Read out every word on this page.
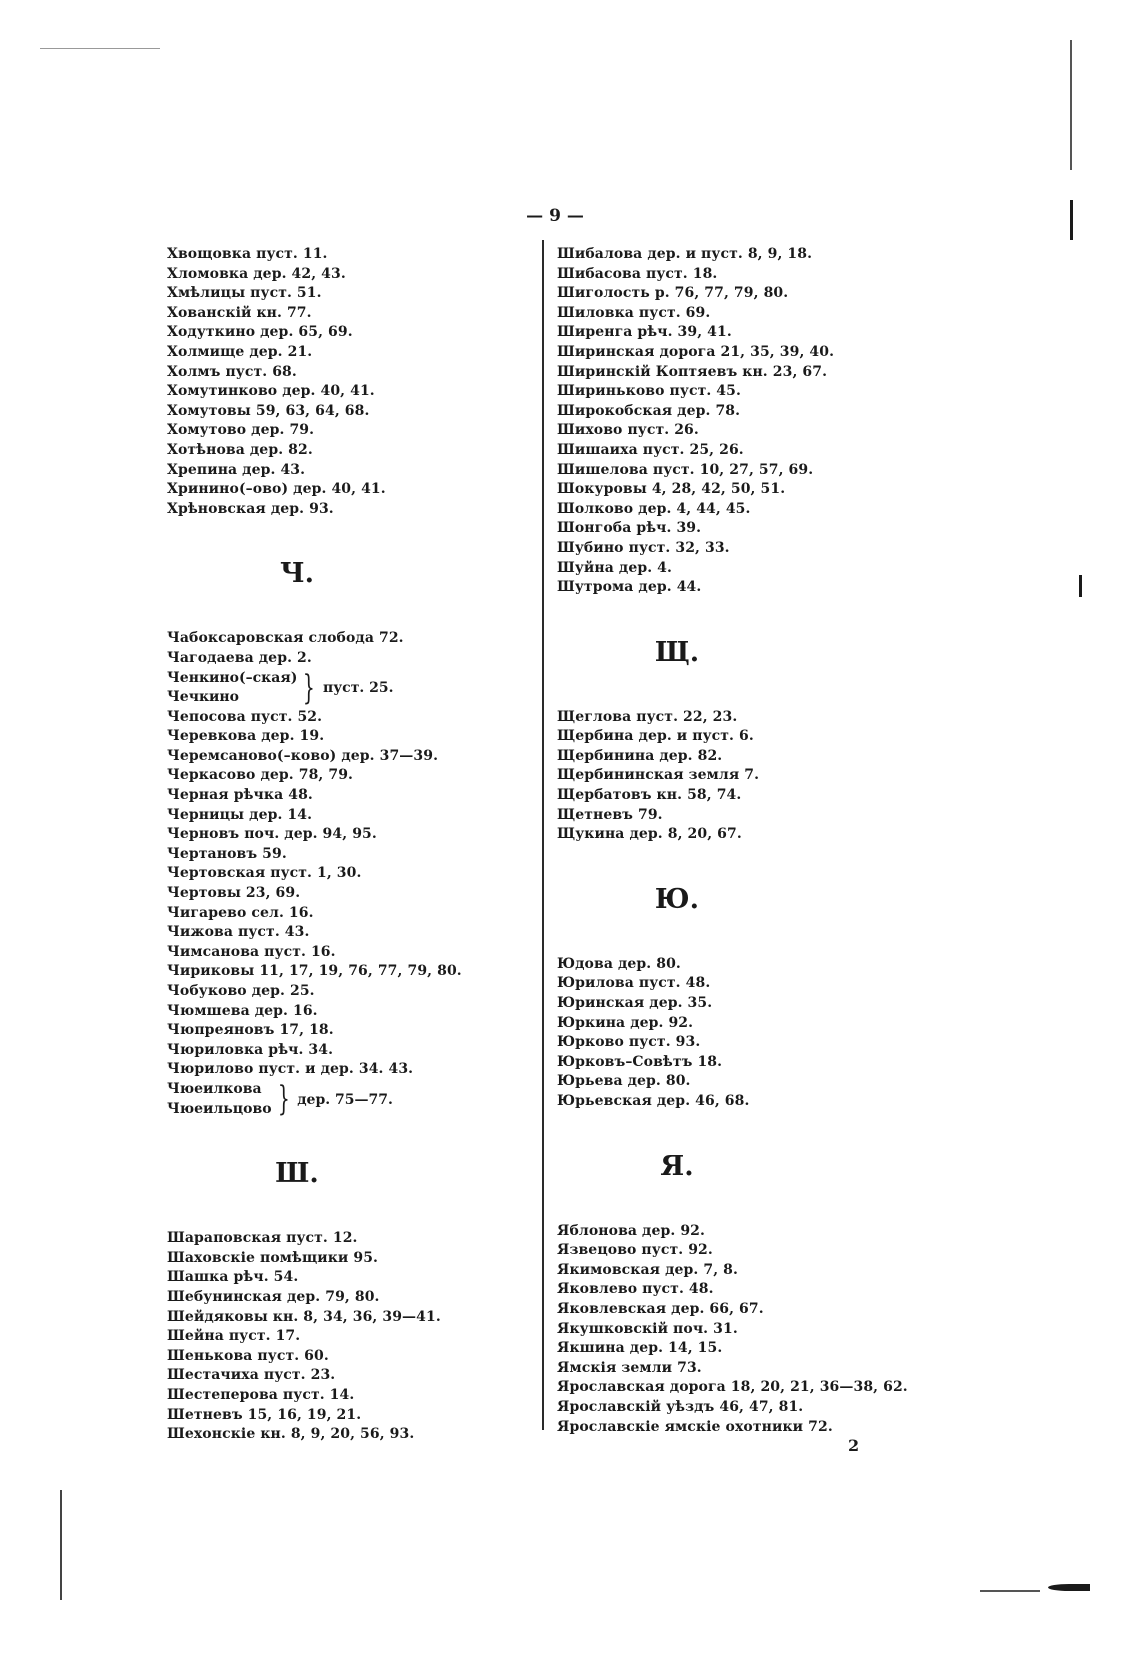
— 9 —
Хвощовка пуст. 11.
Хломовка дер. 42, 43.
Хмѣлицы пуст. 51.
Хованскій кн. 77.
Ходуткино дер. 65, 69.
Холмище дер. 21.
Холмъ пуст. 68.
Хомутинково дер. 40, 41.
Хомутовы 59, 63, 64, 68.
Хомутово дер. 79.
Хотѣнова дер. 82.
Хрепина дер. 43.
Хринино(–ово) дер. 40, 41.
Хрѣновская дер. 93.
Ч.
Чабоксаровская слобода 72.
Чагодаева дер. 2.
Ченкино(–ская)
Чечкино	} пуст. 25.
Чепосова пуст. 52.
Черевкова дер. 19.
Черемсаново(–ково) дер. 37—39.
Черкасово дер. 78, 79.
Черная рѣчка 48.
Черницы дер. 14.
Черновъ поч. дер. 94, 95.
Чертановъ 59.
Чертовская пуст. 1, 30.
Чертовы 23, 69.
Чигарево сел. 16.
Чижова пуст. 43.
Чимсанова пуст. 16.
Чириковы 11, 17, 19, 76, 77, 79, 80.
Чобуково дер. 25.
Чюмшева дер. 16.
Чюпреяновъ 17, 18.
Чюриловка рѣч. 34.
Чюрилово пуст. и дер. 34. 43.
Чюеилкова
Чюеильцово } дер. 75—77.
Ш.
Шараповская пуст. 12.
Шаховскіе помѣщики 95.
Шашка рѣч. 54.
Шебунинская дер. 79, 80.
Шейдяковы кн. 8, 34, 36, 39—41.
Шейна пуст. 17.
Шенькова пуст. 60.
Шестачиха пуст. 23.
Шестеперова пуст. 14.
Шетневъ 15, 16, 19, 21.
Шехонскіе кн. 8, 9, 20, 56, 93.
Шибалова дер. и пуст. 8, 9, 18.
Шибасова пуст. 18.
Шиголость р. 76, 77, 79, 80.
Шиловка пуст. 69.
Ширенга рѣч. 39, 41.
Ширинская дорога 21, 35, 39, 40.
Ширинскій Коптяевъ кн. 23, 67.
Шириньково пуст. 45.
Широкобская дер. 78.
Шихово пуст. 26.
Шишаиха пуст. 25, 26.
Шишелова пуст. 10, 27, 57, 69.
Шокуровы 4, 28, 42, 50, 51.
Шолково дер. 4, 44, 45.
Шонгоба рѣч. 39.
Шубино пуст. 32, 33.
Шуйна дер. 4.
Шутрома дер. 44.
Щ.
Щеглова пуст. 22, 23.
Щербина дер. и пуст. 6.
Щербинина дер. 82.
Щербининская земля 7.
Щербатовъ кн. 58, 74.
Щетневъ 79.
Щукина дер. 8, 20, 67.
Ю.
Юдова дер. 80.
Юрилова пуст. 48.
Юринская дер. 35.
Юркина дер. 92.
Юрково пуст. 93.
Юрковъ–Совѣтъ 18.
Юрьева дер. 80.
Юрьевская дер. 46, 68.
Я.
Яблонова дер. 92.
Язвецово пуст. 92.
Якимовская дер. 7, 8.
Яковлево пуст. 48.
Яковлевская дер. 66, 67.
Якушковскій поч. 31.
Якшина дер. 14, 15.
Ямскія земли 73.
Ярославская дорога 18, 20, 21, 36—38, 62.
Ярославскій уѣздъ 46, 47, 81.
Ярославскіе ямскіе охотники 72.
2
